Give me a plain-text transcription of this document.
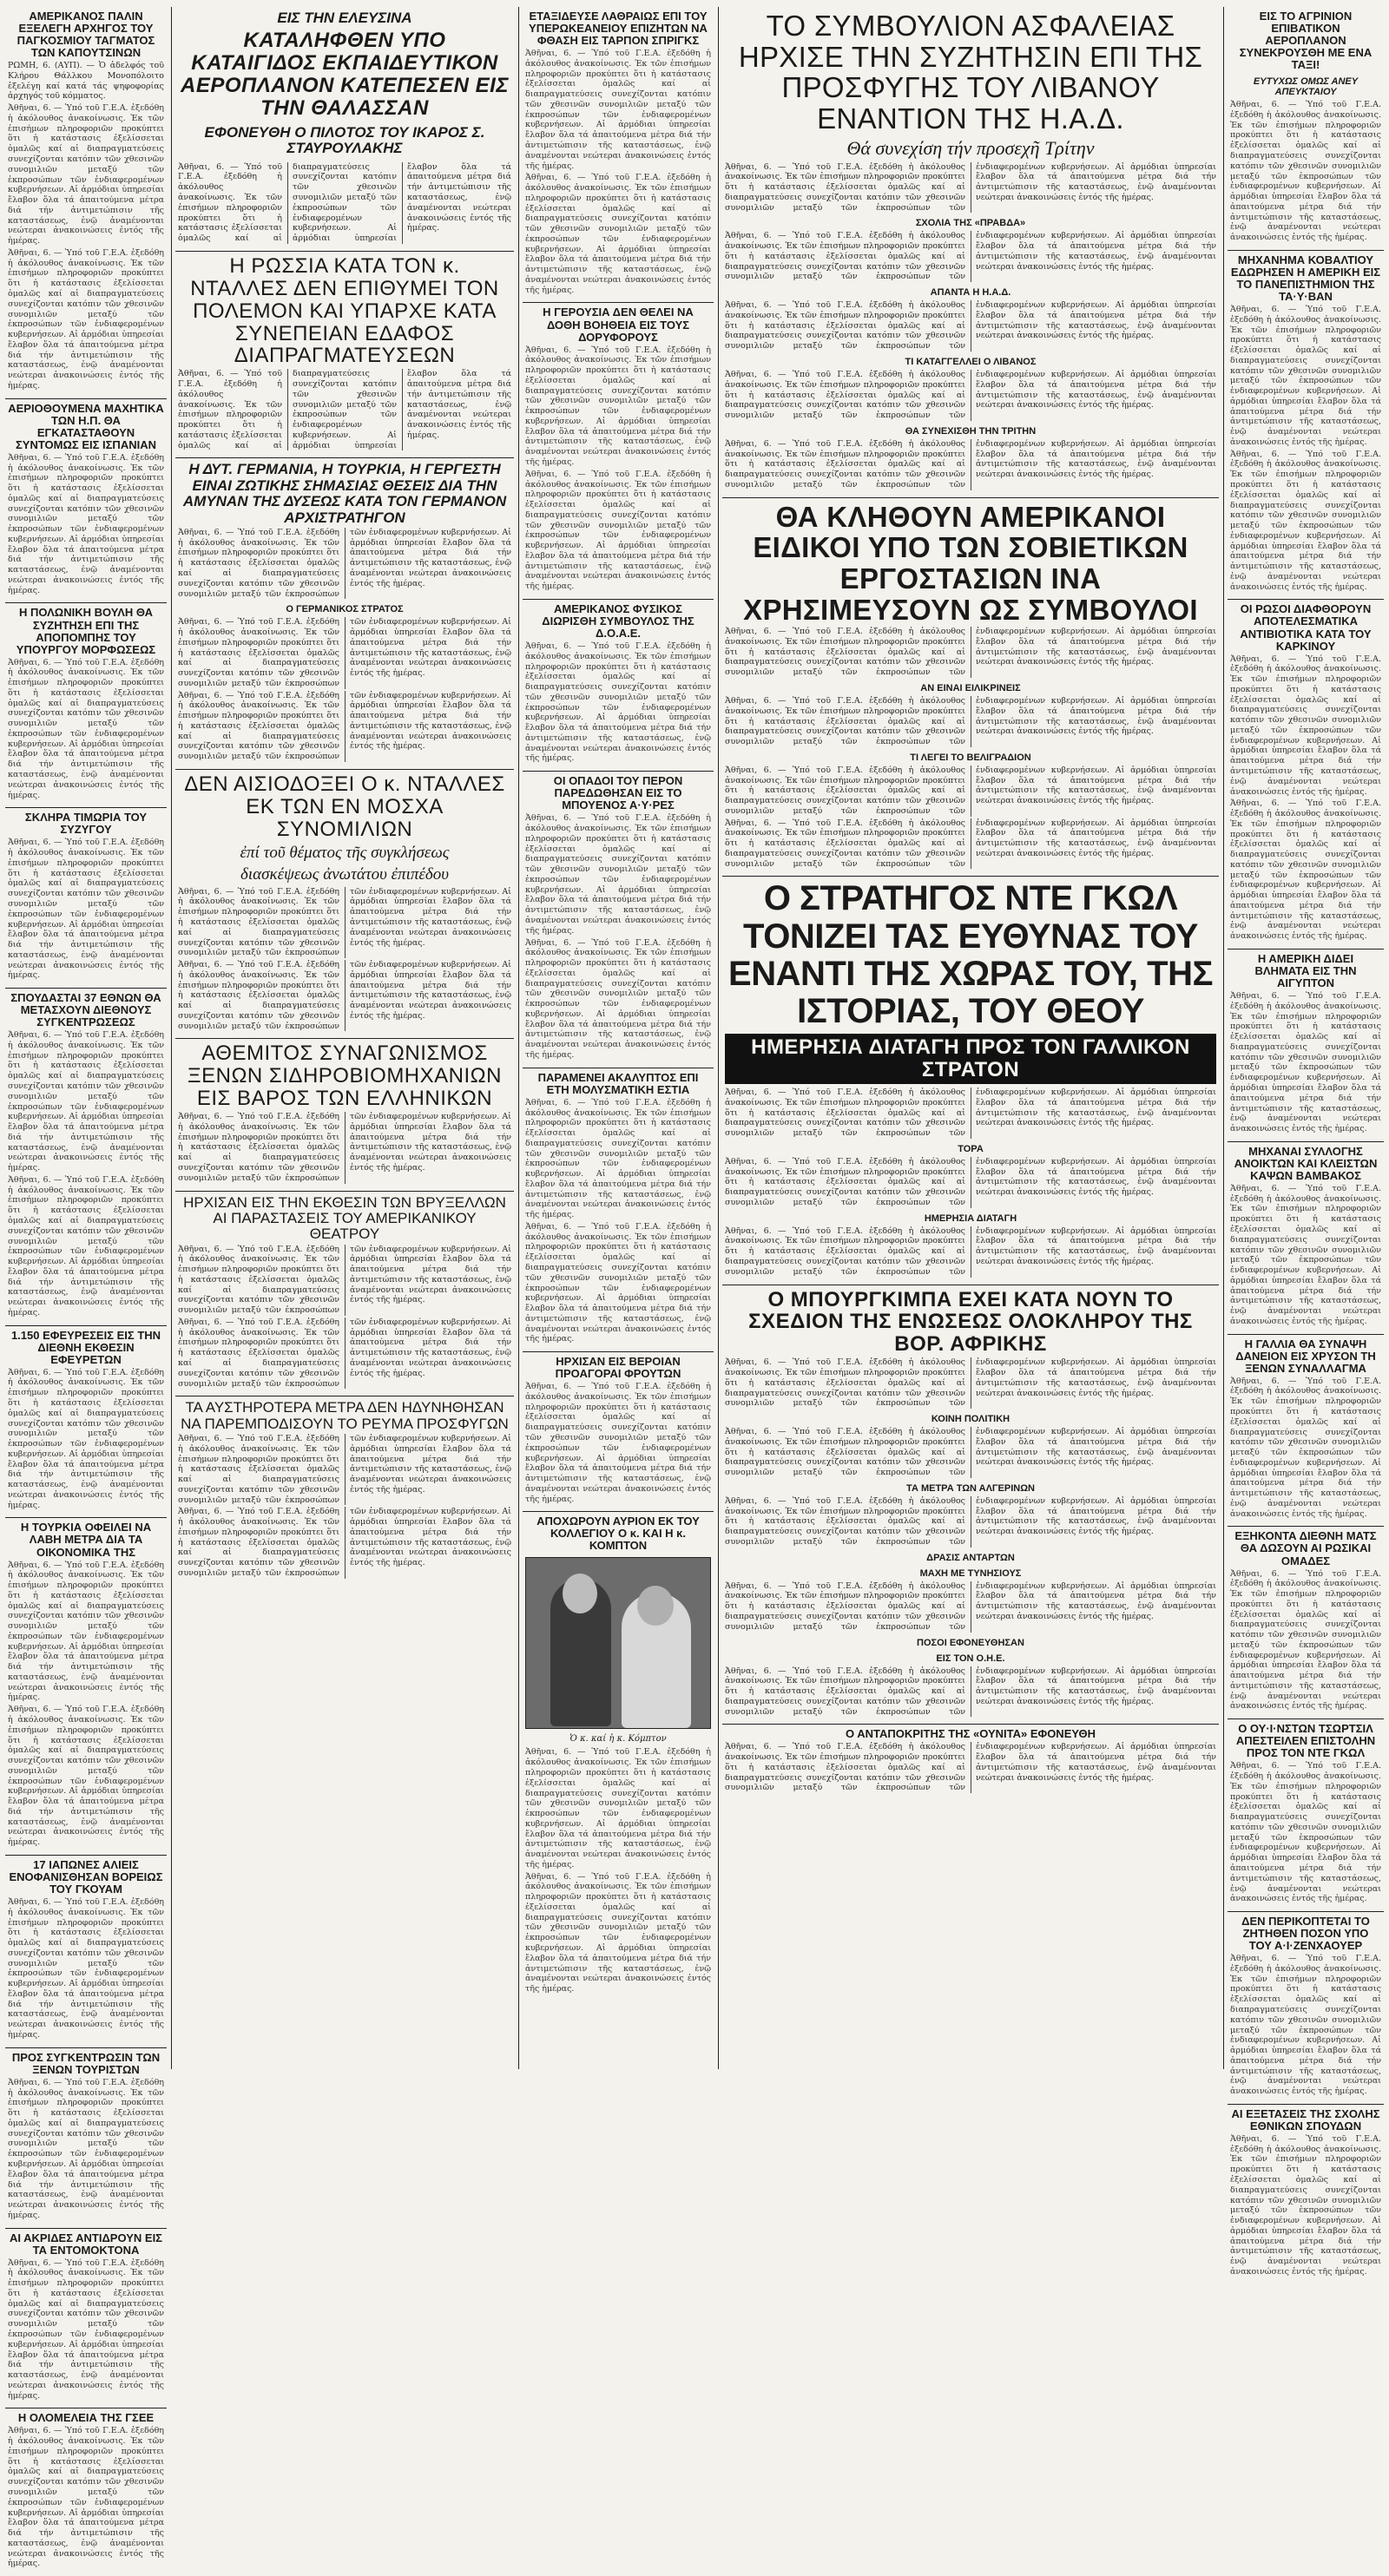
ΑΜΕΡΙΚΑΝΟΣ ΠΑΛΙΝ ΕΞΕΛΕΓΗ ΑΡΧΗΓΟΣ ΤΟΥ ΠΑΓΚΟΣΜΙΟΥ ΤΑΓΜΑΤΟΣ ΤΩΝ ΚΑΠΟΥΤΣΙΝΩΝ
ΡΩΜΗ, 6. (ΑΥΠ). — Ὁ ἀδελφός τοῦ Κλήρου Θάλλκου Μονοπόλοιτο ἐξελέγη καί κατά τάς ψηφοφορίας ἀρχηγός τοῦ κόμματος.
Ἀθῆναι, 6. — Ὑπό τοῦ Γ.Ε.Α. ἐξεδόθη ἡ ἀκόλουθος ἀνακοίνωσις. Ἐκ τῶν ἐπισήμων πληροφοριῶν προκύπτει ὅτι ἡ κατάστασις ἐξελίσσεται ὁμαλῶς καί αἱ διαπραγματεύσεις συνεχίζονται κατόπιν τῶν χθεσινῶν συνομιλιῶν μεταξύ τῶν ἐκπροσώπων τῶν ἐνδιαφερομένων κυβερνήσεων. Αἱ ἀρμόδιαι ὑπηρεσίαι ἔλαβον ὅλα τά ἀπαιτούμενα μέτρα διά τήν ἀντιμετώπισιν τῆς καταστάσεως, ἐνῷ ἀναμένονται νεώτεραι ἀνακοινώσεις ἐντός τῆς ἡμέρας.
Ἀθῆναι, 6. — Ὑπό τοῦ Γ.Ε.Α. ἐξεδόθη ἡ ἀκόλουθος ἀνακοίνωσις. Ἐκ τῶν ἐπισήμων πληροφοριῶν προκύπτει ὅτι ἡ κατάστασις ἐξελίσσεται ὁμαλῶς καί αἱ διαπραγματεύσεις συνεχίζονται κατόπιν τῶν χθεσινῶν συνομιλιῶν μεταξύ τῶν ἐκπροσώπων τῶν ἐνδιαφερομένων κυβερνήσεων. Αἱ ἀρμόδιαι ὑπηρεσίαι ἔλαβον ὅλα τά ἀπαιτούμενα μέτρα διά τήν ἀντιμετώπισιν τῆς καταστάσεως, ἐνῷ ἀναμένονται νεώτεραι ἀνακοινώσεις ἐντός τῆς ἡμέρας.
ΑΕΡΙΟΘΟΥΜΕΝΑ ΜΑΧΗΤΙΚΑ ΤΩΝ Η.Π. ΘΑ ΕΓΚΑΤΑΣΤΑΘΟΥΝ ΣΥΝΤΟΜΩΣ ΕΙΣ ΙΣΠΑΝΙΑΝ
Ἀθῆναι, 6. — Ὑπό τοῦ Γ.Ε.Α. ἐξεδόθη ἡ ἀκόλουθος ἀνακοίνωσις. Ἐκ τῶν ἐπισήμων πληροφοριῶν προκύπτει ὅτι ἡ κατάστασις ἐξελίσσεται ὁμαλῶς καί αἱ διαπραγματεύσεις συνεχίζονται κατόπιν τῶν χθεσινῶν συνομιλιῶν μεταξύ τῶν ἐκπροσώπων τῶν ἐνδιαφερομένων κυβερνήσεων. Αἱ ἀρμόδιαι ὑπηρεσίαι ἔλαβον ὅλα τά ἀπαιτούμενα μέτρα διά τήν ἀντιμετώπισιν τῆς καταστάσεως, ἐνῷ ἀναμένονται νεώτεραι ἀνακοινώσεις ἐντός τῆς ἡμέρας.
Η ΠΟΛΩΝΙΚΗ ΒΟΥΛΗ ΘΑ ΣΥΖΗΤΗΣΗ ΕΠΙ ΤΗΣ ΑΠΟΠΟΜΠΗΣ ΤΟΥ ΥΠΟΥΡΓΟΥ ΜΟΡΦΩΣΕΩΣ
Ἀθῆναι, 6. — Ὑπό τοῦ Γ.Ε.Α. ἐξεδόθη ἡ ἀκόλουθος ἀνακοίνωσις. Ἐκ τῶν ἐπισήμων πληροφοριῶν προκύπτει ὅτι ἡ κατάστασις ἐξελίσσεται ὁμαλῶς καί αἱ διαπραγματεύσεις συνεχίζονται κατόπιν τῶν χθεσινῶν συνομιλιῶν μεταξύ τῶν ἐκπροσώπων τῶν ἐνδιαφερομένων κυβερνήσεων. Αἱ ἀρμόδιαι ὑπηρεσίαι ἔλαβον ὅλα τά ἀπαιτούμενα μέτρα διά τήν ἀντιμετώπισιν τῆς καταστάσεως, ἐνῷ ἀναμένονται νεώτεραι ἀνακοινώσεις ἐντός τῆς ἡμέρας.
ΣΚΛΗΡΑ ΤΙΜΩΡΙΑ ΤΟΥ ΣΥΖΥΓΟΥ
Ἀθῆναι, 6. — Ὑπό τοῦ Γ.Ε.Α. ἐξεδόθη ἡ ἀκόλουθος ἀνακοίνωσις. Ἐκ τῶν ἐπισήμων πληροφοριῶν προκύπτει ὅτι ἡ κατάστασις ἐξελίσσεται ὁμαλῶς καί αἱ διαπραγματεύσεις συνεχίζονται κατόπιν τῶν χθεσινῶν συνομιλιῶν μεταξύ τῶν ἐκπροσώπων τῶν ἐνδιαφερομένων κυβερνήσεων. Αἱ ἀρμόδιαι ὑπηρεσίαι ἔλαβον ὅλα τά ἀπαιτούμενα μέτρα διά τήν ἀντιμετώπισιν τῆς καταστάσεως, ἐνῷ ἀναμένονται νεώτεραι ἀνακοινώσεις ἐντός τῆς ἡμέρας.
ΣΠΟΥΔΑΣΤΑΙ 37 ΕΘΝΩΝ ΘΑ ΜΕΤΑΣΧΟΥΝ ΔΙΕΘΝΟΥΣ ΣΥΓΚΕΝΤΡΩΣΕΩΣ
Ἀθῆναι, 6. — Ὑπό τοῦ Γ.Ε.Α. ἐξεδόθη ἡ ἀκόλουθος ἀνακοίνωσις. Ἐκ τῶν ἐπισήμων πληροφοριῶν προκύπτει ὅτι ἡ κατάστασις ἐξελίσσεται ὁμαλῶς καί αἱ διαπραγματεύσεις συνεχίζονται κατόπιν τῶν χθεσινῶν συνομιλιῶν μεταξύ τῶν ἐκπροσώπων τῶν ἐνδιαφερομένων κυβερνήσεων. Αἱ ἀρμόδιαι ὑπηρεσίαι ἔλαβον ὅλα τά ἀπαιτούμενα μέτρα διά τήν ἀντιμετώπισιν τῆς καταστάσεως, ἐνῷ ἀναμένονται νεώτεραι ἀνακοινώσεις ἐντός τῆς ἡμέρας.
Ἀθῆναι, 6. — Ὑπό τοῦ Γ.Ε.Α. ἐξεδόθη ἡ ἀκόλουθος ἀνακοίνωσις. Ἐκ τῶν ἐπισήμων πληροφοριῶν προκύπτει ὅτι ἡ κατάστασις ἐξελίσσεται ὁμαλῶς καί αἱ διαπραγματεύσεις συνεχίζονται κατόπιν τῶν χθεσινῶν συνομιλιῶν μεταξύ τῶν ἐκπροσώπων τῶν ἐνδιαφερομένων κυβερνήσεων. Αἱ ἀρμόδιαι ὑπηρεσίαι ἔλαβον ὅλα τά ἀπαιτούμενα μέτρα διά τήν ἀντιμετώπισιν τῆς καταστάσεως, ἐνῷ ἀναμένονται νεώτεραι ἀνακοινώσεις ἐντός τῆς ἡμέρας.
1.150 ΕΦΕΥΡΕΣΕΙΣ ΕΙΣ ΤΗΝ ΔΙΕΘΝΗ ΕΚΘΕΣΙΝ ΕΦΕΥΡΕΤΩΝ
Ἀθῆναι, 6. — Ὑπό τοῦ Γ.Ε.Α. ἐξεδόθη ἡ ἀκόλουθος ἀνακοίνωσις. Ἐκ τῶν ἐπισήμων πληροφοριῶν προκύπτει ὅτι ἡ κατάστασις ἐξελίσσεται ὁμαλῶς καί αἱ διαπραγματεύσεις συνεχίζονται κατόπιν τῶν χθεσινῶν συνομιλιῶν μεταξύ τῶν ἐκπροσώπων τῶν ἐνδιαφερομένων κυβερνήσεων. Αἱ ἀρμόδιαι ὑπηρεσίαι ἔλαβον ὅλα τά ἀπαιτούμενα μέτρα διά τήν ἀντιμετώπισιν τῆς καταστάσεως, ἐνῷ ἀναμένονται νεώτεραι ἀνακοινώσεις ἐντός τῆς ἡμέρας.
Η ΤΟΥΡΚΙΑ ΟΦΕΙΛΕΙ ΝΑ ΛΑΒΗ ΜΕΤΡΑ ΔΙΑ ΤΑ ΟΙΚΟΝΟΜΙΚΑ ΤΗΣ
Ἀθῆναι, 6. — Ὑπό τοῦ Γ.Ε.Α. ἐξεδόθη ἡ ἀκόλουθος ἀνακοίνωσις. Ἐκ τῶν ἐπισήμων πληροφοριῶν προκύπτει ὅτι ἡ κατάστασις ἐξελίσσεται ὁμαλῶς καί αἱ διαπραγματεύσεις συνεχίζονται κατόπιν τῶν χθεσινῶν συνομιλιῶν μεταξύ τῶν ἐκπροσώπων τῶν ἐνδιαφερομένων κυβερνήσεων. Αἱ ἀρμόδιαι ὑπηρεσίαι ἔλαβον ὅλα τά ἀπαιτούμενα μέτρα διά τήν ἀντιμετώπισιν τῆς καταστάσεως, ἐνῷ ἀναμένονται νεώτεραι ἀνακοινώσεις ἐντός τῆς ἡμέρας.
Ἀθῆναι, 6. — Ὑπό τοῦ Γ.Ε.Α. ἐξεδόθη ἡ ἀκόλουθος ἀνακοίνωσις. Ἐκ τῶν ἐπισήμων πληροφοριῶν προκύπτει ὅτι ἡ κατάστασις ἐξελίσσεται ὁμαλῶς καί αἱ διαπραγματεύσεις συνεχίζονται κατόπιν τῶν χθεσινῶν συνομιλιῶν μεταξύ τῶν ἐκπροσώπων τῶν ἐνδιαφερομένων κυβερνήσεων. Αἱ ἀρμόδιαι ὑπηρεσίαι ἔλαβον ὅλα τά ἀπαιτούμενα μέτρα διά τήν ἀντιμετώπισιν τῆς καταστάσεως, ἐνῷ ἀναμένονται νεώτεραι ἀνακοινώσεις ἐντός τῆς ἡμέρας.
17 ΙΑΠΩΝΕΣ ΑΛΙΕΙΣ ΕΝΟΦΑΝΙΣΘΗΣΑΝ ΒΟΡΕΙΩΣ ΤΟΥ ΓΚΟΥΑΜ
Ἀθῆναι, 6. — Ὑπό τοῦ Γ.Ε.Α. ἐξεδόθη ἡ ἀκόλουθος ἀνακοίνωσις. Ἐκ τῶν ἐπισήμων πληροφοριῶν προκύπτει ὅτι ἡ κατάστασις ἐξελίσσεται ὁμαλῶς καί αἱ διαπραγματεύσεις συνεχίζονται κατόπιν τῶν χθεσινῶν συνομιλιῶν μεταξύ τῶν ἐκπροσώπων τῶν ἐνδιαφερομένων κυβερνήσεων. Αἱ ἀρμόδιαι ὑπηρεσίαι ἔλαβον ὅλα τά ἀπαιτούμενα μέτρα διά τήν ἀντιμετώπισιν τῆς καταστάσεως, ἐνῷ ἀναμένονται νεώτεραι ἀνακοινώσεις ἐντός τῆς ἡμέρας.
ΠΡΟΣ ΣΥΓΚΕΝΤΡΩΣΙΝ ΤΩΝ ΞΕΝΩΝ ΤΟΥΡΙΣΤΩΝ
Ἀθῆναι, 6. — Ὑπό τοῦ Γ.Ε.Α. ἐξεδόθη ἡ ἀκόλουθος ἀνακοίνωσις. Ἐκ τῶν ἐπισήμων πληροφοριῶν προκύπτει ὅτι ἡ κατάστασις ἐξελίσσεται ὁμαλῶς καί αἱ διαπραγματεύσεις συνεχίζονται κατόπιν τῶν χθεσινῶν συνομιλιῶν μεταξύ τῶν ἐκπροσώπων τῶν ἐνδιαφερομένων κυβερνήσεων. Αἱ ἀρμόδιαι ὑπηρεσίαι ἔλαβον ὅλα τά ἀπαιτούμενα μέτρα διά τήν ἀντιμετώπισιν τῆς καταστάσεως, ἐνῷ ἀναμένονται νεώτεραι ἀνακοινώσεις ἐντός τῆς ἡμέρας.
ΑΙ ΑΚΡΙΔΕΣ ΑΝΤΙΔΡΟΥΝ ΕΙΣ ΤΑ ΕΝΤΟΜΟΚΤΟΝΑ
Ἀθῆναι, 6. — Ὑπό τοῦ Γ.Ε.Α. ἐξεδόθη ἡ ἀκόλουθος ἀνακοίνωσις. Ἐκ τῶν ἐπισήμων πληροφοριῶν προκύπτει ὅτι ἡ κατάστασις ἐξελίσσεται ὁμαλῶς καί αἱ διαπραγματεύσεις συνεχίζονται κατόπιν τῶν χθεσινῶν συνομιλιῶν μεταξύ τῶν ἐκπροσώπων τῶν ἐνδιαφερομένων κυβερνήσεων. Αἱ ἀρμόδιαι ὑπηρεσίαι ἔλαβον ὅλα τά ἀπαιτούμενα μέτρα διά τήν ἀντιμετώπισιν τῆς καταστάσεως, ἐνῷ ἀναμένονται νεώτεραι ἀνακοινώσεις ἐντός τῆς ἡμέρας.
Η ΟΛΟΜΕΛΕΙΑ ΤΗΣ ΓΣΕΕ
Ἀθῆναι, 6. — Ὑπό τοῦ Γ.Ε.Α. ἐξεδόθη ἡ ἀκόλουθος ἀνακοίνωσις. Ἐκ τῶν ἐπισήμων πληροφοριῶν προκύπτει ὅτι ἡ κατάστασις ἐξελίσσεται ὁμαλῶς καί αἱ διαπραγματεύσεις συνεχίζονται κατόπιν τῶν χθεσινῶν συνομιλιῶν μεταξύ τῶν ἐκπροσώπων τῶν ἐνδιαφερομένων κυβερνήσεων. Αἱ ἀρμόδιαι ὑπηρεσίαι ἔλαβον ὅλα τά ἀπαιτούμενα μέτρα διά τήν ἀντιμετώπισιν τῆς καταστάσεως, ἐνῷ ἀναμένονται νεώτεραι ἀνακοινώσεις ἐντός τῆς ἡμέρας.
ΕΙΣ ΤΗΝ ΕΛΕΥΣΙΝΑ
ΚΑΤΑΛΗΦΘΕΝ ΥΠΟ ΚΑΤΑΙΓΙΔΟΣ ΕΚΠΑΙΔΕΥΤΙΚΟΝ ΑΕΡΟΠΛΑΝΟΝ ΚΑΤΕΠΕΣΕΝ ΕΙΣ ΤΗΝ ΘΑΛΑΣΣΑΝ
ΕΦΟΝΕΥΘΗ Ο ΠΙΛΟΤΟΣ ΤΟΥ ΙΚΑΡΟΣ Σ. ΣΤΑΥΡΟΥΛΑΚΗΣ
Ἀθῆναι, 6. — Ὑπό τοῦ Γ.Ε.Α. ἐξεδόθη ἡ ἀκόλουθος ἀνακοίνωσις. Ἐκ τῶν ἐπισήμων πληροφοριῶν προκύπτει ὅτι ἡ κατάστασις ἐξελίσσεται ὁμαλῶς καί αἱ διαπραγματεύσεις συνεχίζονται κατόπιν τῶν χθεσινῶν συνομιλιῶν μεταξύ τῶν ἐκπροσώπων τῶν ἐνδιαφερομένων κυβερνήσεων. Αἱ ἀρμόδιαι ὑπηρεσίαι ἔλαβον ὅλα τά ἀπαιτούμενα μέτρα διά τήν ἀντιμετώπισιν τῆς καταστάσεως, ἐνῷ ἀναμένονται νεώτεραι ἀνακοινώσεις ἐντός τῆς ἡμέρας.
Η ΡΩΣΣΙΑ ΚΑΤΑ ΤΟΝ κ. ΝΤΑΛΛΕΣ ΔΕΝ ΕΠΙΘΥΜΕΙ ΤΟΝ ΠΟΛΕΜΟΝ ΚΑΙ ΥΠΑΡΧΕ ΚΑΤΑ ΣΥΝΕΠΕΙΑΝ ΕΔΑΦΟΣ ΔΙΑΠΡΑΓΜΑΤΕΥΣΕΩΝ
Ἀθῆναι, 6. — Ὑπό τοῦ Γ.Ε.Α. ἐξεδόθη ἡ ἀκόλουθος ἀνακοίνωσις. Ἐκ τῶν ἐπισήμων πληροφοριῶν προκύπτει ὅτι ἡ κατάστασις ἐξελίσσεται ὁμαλῶς καί αἱ διαπραγματεύσεις συνεχίζονται κατόπιν τῶν χθεσινῶν συνομιλιῶν μεταξύ τῶν ἐκπροσώπων τῶν ἐνδιαφερομένων κυβερνήσεων. Αἱ ἀρμόδιαι ὑπηρεσίαι ἔλαβον ὅλα τά ἀπαιτούμενα μέτρα διά τήν ἀντιμετώπισιν τῆς καταστάσεως, ἐνῷ ἀναμένονται νεώτεραι ἀνακοινώσεις ἐντός τῆς ἡμέρας.
Η ΔΥΤ. ΓΕΡΜΑΝΙΑ, Η ΤΟΥΡΚΙΑ, Η ΓΕΡΓΕΣΤΗ ΕΙΝΑΙ ΖΩΤΙΚΗΣ ΣΗΜΑΣΙΑΣ ΘΕΣΕΙΣ ΔΙΑ ΤΗΝ ΑΜΥΝΑΝ ΤΗΣ ΔΥΣΕΩΣ ΚΑΤΑ ΤΟΝ ΓΕΡΜΑΝΟΝ ΑΡΧΙΣΤΡΑΤΗΓΟΝ
Ἀθῆναι, 6. — Ὑπό τοῦ Γ.Ε.Α. ἐξεδόθη ἡ ἀκόλουθος ἀνακοίνωσις. Ἐκ τῶν ἐπισήμων πληροφοριῶν προκύπτει ὅτι ἡ κατάστασις ἐξελίσσεται ὁμαλῶς καί αἱ διαπραγματεύσεις συνεχίζονται κατόπιν τῶν χθεσινῶν συνομιλιῶν μεταξύ τῶν ἐκπροσώπων τῶν ἐνδιαφερομένων κυβερνήσεων. Αἱ ἀρμόδιαι ὑπηρεσίαι ἔλαβον ὅλα τά ἀπαιτούμενα μέτρα διά τήν ἀντιμετώπισιν τῆς καταστάσεως, ἐνῷ ἀναμένονται νεώτεραι ἀνακοινώσεις ἐντός τῆς ἡμέρας.
Ο ΓΕΡΜΑΝΙΚΟΣ ΣΤΡΑΤΟΣ
Ἀθῆναι, 6. — Ὑπό τοῦ Γ.Ε.Α. ἐξεδόθη ἡ ἀκόλουθος ἀνακοίνωσις. Ἐκ τῶν ἐπισήμων πληροφοριῶν προκύπτει ὅτι ἡ κατάστασις ἐξελίσσεται ὁμαλῶς καί αἱ διαπραγματεύσεις συνεχίζονται κατόπιν τῶν χθεσινῶν συνομιλιῶν μεταξύ τῶν ἐκπροσώπων τῶν ἐνδιαφερομένων κυβερνήσεων. Αἱ ἀρμόδιαι ὑπηρεσίαι ἔλαβον ὅλα τά ἀπαιτούμενα μέτρα διά τήν ἀντιμετώπισιν τῆς καταστάσεως, ἐνῷ ἀναμένονται νεώτεραι ἀνακοινώσεις ἐντός τῆς ἡμέρας.
Ἀθῆναι, 6. — Ὑπό τοῦ Γ.Ε.Α. ἐξεδόθη ἡ ἀκόλουθος ἀνακοίνωσις. Ἐκ τῶν ἐπισήμων πληροφοριῶν προκύπτει ὅτι ἡ κατάστασις ἐξελίσσεται ὁμαλῶς καί αἱ διαπραγματεύσεις συνεχίζονται κατόπιν τῶν χθεσινῶν συνομιλιῶν μεταξύ τῶν ἐκπροσώπων τῶν ἐνδιαφερομένων κυβερνήσεων. Αἱ ἀρμόδιαι ὑπηρεσίαι ἔλαβον ὅλα τά ἀπαιτούμενα μέτρα διά τήν ἀντιμετώπισιν τῆς καταστάσεως, ἐνῷ ἀναμένονται νεώτεραι ἀνακοινώσεις ἐντός τῆς ἡμέρας.
ΔΕΝ ΑΙΣΙΟΔΟΞΕΙ Ο κ. ΝΤΑΛΛΕΣ ΕΚ ΤΩΝ ΕΝ ΜΟΣΧΑ ΣΥΝΟΜΙΛΙΩΝ
ἐπί τοῦ θέματος τῆς συγκλήσεως
διασκέψεως ἀνωτάτου ἐπιπέδου
Ἀθῆναι, 6. — Ὑπό τοῦ Γ.Ε.Α. ἐξεδόθη ἡ ἀκόλουθος ἀνακοίνωσις. Ἐκ τῶν ἐπισήμων πληροφοριῶν προκύπτει ὅτι ἡ κατάστασις ἐξελίσσεται ὁμαλῶς καί αἱ διαπραγματεύσεις συνεχίζονται κατόπιν τῶν χθεσινῶν συνομιλιῶν μεταξύ τῶν ἐκπροσώπων τῶν ἐνδιαφερομένων κυβερνήσεων. Αἱ ἀρμόδιαι ὑπηρεσίαι ἔλαβον ὅλα τά ἀπαιτούμενα μέτρα διά τήν ἀντιμετώπισιν τῆς καταστάσεως, ἐνῷ ἀναμένονται νεώτεραι ἀνακοινώσεις ἐντός τῆς ἡμέρας.
Ἀθῆναι, 6. — Ὑπό τοῦ Γ.Ε.Α. ἐξεδόθη ἡ ἀκόλουθος ἀνακοίνωσις. Ἐκ τῶν ἐπισήμων πληροφοριῶν προκύπτει ὅτι ἡ κατάστασις ἐξελίσσεται ὁμαλῶς καί αἱ διαπραγματεύσεις συνεχίζονται κατόπιν τῶν χθεσινῶν συνομιλιῶν μεταξύ τῶν ἐκπροσώπων τῶν ἐνδιαφερομένων κυβερνήσεων. Αἱ ἀρμόδιαι ὑπηρεσίαι ἔλαβον ὅλα τά ἀπαιτούμενα μέτρα διά τήν ἀντιμετώπισιν τῆς καταστάσεως, ἐνῷ ἀναμένονται νεώτεραι ἀνακοινώσεις ἐντός τῆς ἡμέρας.
ΑΘΕΜΙΤΟΣ ΣΥΝΑΓΩΝΙΣΜΟΣ ΞΕΝΩΝ ΣΙΔΗΡΟΒΙΟΜΗΧΑΝΙΩΝ ΕΙΣ ΒΑΡΟΣ ΤΩΝ ΕΛΛΗΝΙΚΩΝ
Ἀθῆναι, 6. — Ὑπό τοῦ Γ.Ε.Α. ἐξεδόθη ἡ ἀκόλουθος ἀνακοίνωσις. Ἐκ τῶν ἐπισήμων πληροφοριῶν προκύπτει ὅτι ἡ κατάστασις ἐξελίσσεται ὁμαλῶς καί αἱ διαπραγματεύσεις συνεχίζονται κατόπιν τῶν χθεσινῶν συνομιλιῶν μεταξύ τῶν ἐκπροσώπων τῶν ἐνδιαφερομένων κυβερνήσεων. Αἱ ἀρμόδιαι ὑπηρεσίαι ἔλαβον ὅλα τά ἀπαιτούμενα μέτρα διά τήν ἀντιμετώπισιν τῆς καταστάσεως, ἐνῷ ἀναμένονται νεώτεραι ἀνακοινώσεις ἐντός τῆς ἡμέρας.
ΗΡΧΙΣΑΝ ΕΙΣ ΤΗΝ ΕΚΘΕΣΙΝ ΤΩΝ ΒΡΥΞΕΛΛΩΝ ΑΙ ΠΑΡΑΣΤΑΣΕΙΣ ΤΟΥ ΑΜΕΡΙΚΑΝΙΚΟΥ ΘΕΑΤΡΟΥ
Ἀθῆναι, 6. — Ὑπό τοῦ Γ.Ε.Α. ἐξεδόθη ἡ ἀκόλουθος ἀνακοίνωσις. Ἐκ τῶν ἐπισήμων πληροφοριῶν προκύπτει ὅτι ἡ κατάστασις ἐξελίσσεται ὁμαλῶς καί αἱ διαπραγματεύσεις συνεχίζονται κατόπιν τῶν χθεσινῶν συνομιλιῶν μεταξύ τῶν ἐκπροσώπων τῶν ἐνδιαφερομένων κυβερνήσεων. Αἱ ἀρμόδιαι ὑπηρεσίαι ἔλαβον ὅλα τά ἀπαιτούμενα μέτρα διά τήν ἀντιμετώπισιν τῆς καταστάσεως, ἐνῷ ἀναμένονται νεώτεραι ἀνακοινώσεις ἐντός τῆς ἡμέρας.
Ἀθῆναι, 6. — Ὑπό τοῦ Γ.Ε.Α. ἐξεδόθη ἡ ἀκόλουθος ἀνακοίνωσις. Ἐκ τῶν ἐπισήμων πληροφοριῶν προκύπτει ὅτι ἡ κατάστασις ἐξελίσσεται ὁμαλῶς καί αἱ διαπραγματεύσεις συνεχίζονται κατόπιν τῶν χθεσινῶν συνομιλιῶν μεταξύ τῶν ἐκπροσώπων τῶν ἐνδιαφερομένων κυβερνήσεων. Αἱ ἀρμόδιαι ὑπηρεσίαι ἔλαβον ὅλα τά ἀπαιτούμενα μέτρα διά τήν ἀντιμετώπισιν τῆς καταστάσεως, ἐνῷ ἀναμένονται νεώτεραι ἀνακοινώσεις ἐντός τῆς ἡμέρας.
ΤΑ ΑΥΣΤΗΡΟΤΕΡΑ ΜΕΤΡΑ ΔΕΝ ΗΔΥΝΗΘΗΣΑΝ ΝΑ ΠΑΡΕΜΠΟΔΙΣΟΥΝ ΤΟ ΡΕΥΜΑ ΠΡΟΣΦΥΓΩΝ
Ἀθῆναι, 6. — Ὑπό τοῦ Γ.Ε.Α. ἐξεδόθη ἡ ἀκόλουθος ἀνακοίνωσις. Ἐκ τῶν ἐπισήμων πληροφοριῶν προκύπτει ὅτι ἡ κατάστασις ἐξελίσσεται ὁμαλῶς καί αἱ διαπραγματεύσεις συνεχίζονται κατόπιν τῶν χθεσινῶν συνομιλιῶν μεταξύ τῶν ἐκπροσώπων τῶν ἐνδιαφερομένων κυβερνήσεων. Αἱ ἀρμόδιαι ὑπηρεσίαι ἔλαβον ὅλα τά ἀπαιτούμενα μέτρα διά τήν ἀντιμετώπισιν τῆς καταστάσεως, ἐνῷ ἀναμένονται νεώτεραι ἀνακοινώσεις ἐντός τῆς ἡμέρας.
Ἀθῆναι, 6. — Ὑπό τοῦ Γ.Ε.Α. ἐξεδόθη ἡ ἀκόλουθος ἀνακοίνωσις. Ἐκ τῶν ἐπισήμων πληροφοριῶν προκύπτει ὅτι ἡ κατάστασις ἐξελίσσεται ὁμαλῶς καί αἱ διαπραγματεύσεις συνεχίζονται κατόπιν τῶν χθεσινῶν συνομιλιῶν μεταξύ τῶν ἐκπροσώπων τῶν ἐνδιαφερομένων κυβερνήσεων. Αἱ ἀρμόδιαι ὑπηρεσίαι ἔλαβον ὅλα τά ἀπαιτούμενα μέτρα διά τήν ἀντιμετώπισιν τῆς καταστάσεως, ἐνῷ ἀναμένονται νεώτεραι ἀνακοινώσεις ἐντός τῆς ἡμέρας.
ΕΤΑΞΙΔΕΥΣΕ ΛΑΘΡΑΙΩΣ ΕΠΙ ΤΟΥ ΥΠΕΡΩΚΕΑΝΕΙΟΥ ΕΠΙΖΗΤΩΝ ΝΑ ΦΘΑΣΗ ΕΙΣ ΤΑΡΠΟΝ ΣΠΡΙΓΚΣ
Ἀθῆναι, 6. — Ὑπό τοῦ Γ.Ε.Α. ἐξεδόθη ἡ ἀκόλουθος ἀνακοίνωσις. Ἐκ τῶν ἐπισήμων πληροφοριῶν προκύπτει ὅτι ἡ κατάστασις ἐξελίσσεται ὁμαλῶς καί αἱ διαπραγματεύσεις συνεχίζονται κατόπιν τῶν χθεσινῶν συνομιλιῶν μεταξύ τῶν ἐκπροσώπων τῶν ἐνδιαφερομένων κυβερνήσεων. Αἱ ἀρμόδιαι ὑπηρεσίαι ἔλαβον ὅλα τά ἀπαιτούμενα μέτρα διά τήν ἀντιμετώπισιν τῆς καταστάσεως, ἐνῷ ἀναμένονται νεώτεραι ἀνακοινώσεις ἐντός τῆς ἡμέρας.
Ἀθῆναι, 6. — Ὑπό τοῦ Γ.Ε.Α. ἐξεδόθη ἡ ἀκόλουθος ἀνακοίνωσις. Ἐκ τῶν ἐπισήμων πληροφοριῶν προκύπτει ὅτι ἡ κατάστασις ἐξελίσσεται ὁμαλῶς καί αἱ διαπραγματεύσεις συνεχίζονται κατόπιν τῶν χθεσινῶν συνομιλιῶν μεταξύ τῶν ἐκπροσώπων τῶν ἐνδιαφερομένων κυβερνήσεων. Αἱ ἀρμόδιαι ὑπηρεσίαι ἔλαβον ὅλα τά ἀπαιτούμενα μέτρα διά τήν ἀντιμετώπισιν τῆς καταστάσεως, ἐνῷ ἀναμένονται νεώτεραι ἀνακοινώσεις ἐντός τῆς ἡμέρας.
Η ΓΕΡΟΥΣΙΑ ΔΕΝ ΘΕΛΕΙ ΝΑ ΔΟΘΗ ΒΟΗΘΕΙΑ ΕΙΣ ΤΟΥΣ ΔΟΡΥΦΟΡΟΥΣ
Ἀθῆναι, 6. — Ὑπό τοῦ Γ.Ε.Α. ἐξεδόθη ἡ ἀκόλουθος ἀνακοίνωσις. Ἐκ τῶν ἐπισήμων πληροφοριῶν προκύπτει ὅτι ἡ κατάστασις ἐξελίσσεται ὁμαλῶς καί αἱ διαπραγματεύσεις συνεχίζονται κατόπιν τῶν χθεσινῶν συνομιλιῶν μεταξύ τῶν ἐκπροσώπων τῶν ἐνδιαφερομένων κυβερνήσεων. Αἱ ἀρμόδιαι ὑπηρεσίαι ἔλαβον ὅλα τά ἀπαιτούμενα μέτρα διά τήν ἀντιμετώπισιν τῆς καταστάσεως, ἐνῷ ἀναμένονται νεώτεραι ἀνακοινώσεις ἐντός τῆς ἡμέρας.
Ἀθῆναι, 6. — Ὑπό τοῦ Γ.Ε.Α. ἐξεδόθη ἡ ἀκόλουθος ἀνακοίνωσις. Ἐκ τῶν ἐπισήμων πληροφοριῶν προκύπτει ὅτι ἡ κατάστασις ἐξελίσσεται ὁμαλῶς καί αἱ διαπραγματεύσεις συνεχίζονται κατόπιν τῶν χθεσινῶν συνομιλιῶν μεταξύ τῶν ἐκπροσώπων τῶν ἐνδιαφερομένων κυβερνήσεων. Αἱ ἀρμόδιαι ὑπηρεσίαι ἔλαβον ὅλα τά ἀπαιτούμενα μέτρα διά τήν ἀντιμετώπισιν τῆς καταστάσεως, ἐνῷ ἀναμένονται νεώτεραι ἀνακοινώσεις ἐντός τῆς ἡμέρας.
ΑΜΕΡΙΚΑΝΟΣ ΦΥΣΙΚΟΣ ΔΙΩΡΙΣΘΗ ΣΥΜΒΟΥΛΟΣ ΤΗΣ Δ.Ο.Α.Ε.
Ἀθῆναι, 6. — Ὑπό τοῦ Γ.Ε.Α. ἐξεδόθη ἡ ἀκόλουθος ἀνακοίνωσις. Ἐκ τῶν ἐπισήμων πληροφοριῶν προκύπτει ὅτι ἡ κατάστασις ἐξελίσσεται ὁμαλῶς καί αἱ διαπραγματεύσεις συνεχίζονται κατόπιν τῶν χθεσινῶν συνομιλιῶν μεταξύ τῶν ἐκπροσώπων τῶν ἐνδιαφερομένων κυβερνήσεων. Αἱ ἀρμόδιαι ὑπηρεσίαι ἔλαβον ὅλα τά ἀπαιτούμενα μέτρα διά τήν ἀντιμετώπισιν τῆς καταστάσεως, ἐνῷ ἀναμένονται νεώτεραι ἀνακοινώσεις ἐντός τῆς ἡμέρας.
ΟΙ ΟΠΑΔΟΙ ΤΟΥ ΠΕΡΟΝ ΠΑΡΕΔΩΘΗΣΑΝ ΕΙΣ ΤΟ ΜΠΟΥΕΝΟΣ Α·Υ·ΡΕΣ
Ἀθῆναι, 6. — Ὑπό τοῦ Γ.Ε.Α. ἐξεδόθη ἡ ἀκόλουθος ἀνακοίνωσις. Ἐκ τῶν ἐπισήμων πληροφοριῶν προκύπτει ὅτι ἡ κατάστασις ἐξελίσσεται ὁμαλῶς καί αἱ διαπραγματεύσεις συνεχίζονται κατόπιν τῶν χθεσινῶν συνομιλιῶν μεταξύ τῶν ἐκπροσώπων τῶν ἐνδιαφερομένων κυβερνήσεων. Αἱ ἀρμόδιαι ὑπηρεσίαι ἔλαβον ὅλα τά ἀπαιτούμενα μέτρα διά τήν ἀντιμετώπισιν τῆς καταστάσεως, ἐνῷ ἀναμένονται νεώτεραι ἀνακοινώσεις ἐντός τῆς ἡμέρας.
Ἀθῆναι, 6. — Ὑπό τοῦ Γ.Ε.Α. ἐξεδόθη ἡ ἀκόλουθος ἀνακοίνωσις. Ἐκ τῶν ἐπισήμων πληροφοριῶν προκύπτει ὅτι ἡ κατάστασις ἐξελίσσεται ὁμαλῶς καί αἱ διαπραγματεύσεις συνεχίζονται κατόπιν τῶν χθεσινῶν συνομιλιῶν μεταξύ τῶν ἐκπροσώπων τῶν ἐνδιαφερομένων κυβερνήσεων. Αἱ ἀρμόδιαι ὑπηρεσίαι ἔλαβον ὅλα τά ἀπαιτούμενα μέτρα διά τήν ἀντιμετώπισιν τῆς καταστάσεως, ἐνῷ ἀναμένονται νεώτεραι ἀνακοινώσεις ἐντός τῆς ἡμέρας.
ΠΑΡΑΜΕΝΕΙ ΑΚΑΛΥΠΤΟΣ ΕΠΙ ΕΤΗ ΜΟΛΥΣΜΑΤΙΚΗ ΕΣΤΙΑ
Ἀθῆναι, 6. — Ὑπό τοῦ Γ.Ε.Α. ἐξεδόθη ἡ ἀκόλουθος ἀνακοίνωσις. Ἐκ τῶν ἐπισήμων πληροφοριῶν προκύπτει ὅτι ἡ κατάστασις ἐξελίσσεται ὁμαλῶς καί αἱ διαπραγματεύσεις συνεχίζονται κατόπιν τῶν χθεσινῶν συνομιλιῶν μεταξύ τῶν ἐκπροσώπων τῶν ἐνδιαφερομένων κυβερνήσεων. Αἱ ἀρμόδιαι ὑπηρεσίαι ἔλαβον ὅλα τά ἀπαιτούμενα μέτρα διά τήν ἀντιμετώπισιν τῆς καταστάσεως, ἐνῷ ἀναμένονται νεώτεραι ἀνακοινώσεις ἐντός τῆς ἡμέρας.
Ἀθῆναι, 6. — Ὑπό τοῦ Γ.Ε.Α. ἐξεδόθη ἡ ἀκόλουθος ἀνακοίνωσις. Ἐκ τῶν ἐπισήμων πληροφοριῶν προκύπτει ὅτι ἡ κατάστασις ἐξελίσσεται ὁμαλῶς καί αἱ διαπραγματεύσεις συνεχίζονται κατόπιν τῶν χθεσινῶν συνομιλιῶν μεταξύ τῶν ἐκπροσώπων τῶν ἐνδιαφερομένων κυβερνήσεων. Αἱ ἀρμόδιαι ὑπηρεσίαι ἔλαβον ὅλα τά ἀπαιτούμενα μέτρα διά τήν ἀντιμετώπισιν τῆς καταστάσεως, ἐνῷ ἀναμένονται νεώτεραι ἀνακοινώσεις ἐντός τῆς ἡμέρας.
ΗΡΧΙΣΑΝ ΕΙΣ ΒΕΡΟΙΑΝ ΠΡΟΑΓΟΡΑΙ ΦΡΟΥΤΩΝ
Ἀθῆναι, 6. — Ὑπό τοῦ Γ.Ε.Α. ἐξεδόθη ἡ ἀκόλουθος ἀνακοίνωσις. Ἐκ τῶν ἐπισήμων πληροφοριῶν προκύπτει ὅτι ἡ κατάστασις ἐξελίσσεται ὁμαλῶς καί αἱ διαπραγματεύσεις συνεχίζονται κατόπιν τῶν χθεσινῶν συνομιλιῶν μεταξύ τῶν ἐκπροσώπων τῶν ἐνδιαφερομένων κυβερνήσεων. Αἱ ἀρμόδιαι ὑπηρεσίαι ἔλαβον ὅλα τά ἀπαιτούμενα μέτρα διά τήν ἀντιμετώπισιν τῆς καταστάσεως, ἐνῷ ἀναμένονται νεώτεραι ἀνακοινώσεις ἐντός τῆς ἡμέρας.
ΑΠΟΧΩΡΟΥΝ ΑΥΡΙΟΝ ΕΚ ΤΟΥ ΚΟΛΛΕΓΙΟΥ Ο κ. ΚΑΙ Η κ. ΚΟΜΠΤΟΝ
Ὁ κ. καί ἡ κ. Κόμπτον
Ἀθῆναι, 6. — Ὑπό τοῦ Γ.Ε.Α. ἐξεδόθη ἡ ἀκόλουθος ἀνακοίνωσις. Ἐκ τῶν ἐπισήμων πληροφοριῶν προκύπτει ὅτι ἡ κατάστασις ἐξελίσσεται ὁμαλῶς καί αἱ διαπραγματεύσεις συνεχίζονται κατόπιν τῶν χθεσινῶν συνομιλιῶν μεταξύ τῶν ἐκπροσώπων τῶν ἐνδιαφερομένων κυβερνήσεων. Αἱ ἀρμόδιαι ὑπηρεσίαι ἔλαβον ὅλα τά ἀπαιτούμενα μέτρα διά τήν ἀντιμετώπισιν τῆς καταστάσεως, ἐνῷ ἀναμένονται νεώτεραι ἀνακοινώσεις ἐντός τῆς ἡμέρας.
Ἀθῆναι, 6. — Ὑπό τοῦ Γ.Ε.Α. ἐξεδόθη ἡ ἀκόλουθος ἀνακοίνωσις. Ἐκ τῶν ἐπισήμων πληροφοριῶν προκύπτει ὅτι ἡ κατάστασις ἐξελίσσεται ὁμαλῶς καί αἱ διαπραγματεύσεις συνεχίζονται κατόπιν τῶν χθεσινῶν συνομιλιῶν μεταξύ τῶν ἐκπροσώπων τῶν ἐνδιαφερομένων κυβερνήσεων. Αἱ ἀρμόδιαι ὑπηρεσίαι ἔλαβον ὅλα τά ἀπαιτούμενα μέτρα διά τήν ἀντιμετώπισιν τῆς καταστάσεως, ἐνῷ ἀναμένονται νεώτεραι ἀνακοινώσεις ἐντός τῆς ἡμέρας.
ΤΟ ΣΥΜΒΟΥΛΙΟΝ ΑΣΦΑΛΕΙΑΣ ΗΡΧΙΣΕ ΤΗΝ ΣΥΖΗΤΗΣΙΝ ΕΠΙ ΤΗΣ ΠΡΟΣΦΥΓΗΣ ΤΟΥ ΛΙΒΑΝΟΥ ΕΝΑΝΤΙΟΝ ΤΗΣ Η.Α.Δ.
Θά συνεχίση τήν προσεχῆ Τρίτην
Ἀθῆναι, 6. — Ὑπό τοῦ Γ.Ε.Α. ἐξεδόθη ἡ ἀκόλουθος ἀνακοίνωσις. Ἐκ τῶν ἐπισήμων πληροφοριῶν προκύπτει ὅτι ἡ κατάστασις ἐξελίσσεται ὁμαλῶς καί αἱ διαπραγματεύσεις συνεχίζονται κατόπιν τῶν χθεσινῶν συνομιλιῶν μεταξύ τῶν ἐκπροσώπων τῶν ἐνδιαφερομένων κυβερνήσεων. Αἱ ἀρμόδιαι ὑπηρεσίαι ἔλαβον ὅλα τά ἀπαιτούμενα μέτρα διά τήν ἀντιμετώπισιν τῆς καταστάσεως, ἐνῷ ἀναμένονται νεώτεραι ἀνακοινώσεις ἐντός τῆς ἡμέρας.
ΣΧΟΛΙΑ ΤΗΣ «ΠΡΑΒΔΑ»
Ἀθῆναι, 6. — Ὑπό τοῦ Γ.Ε.Α. ἐξεδόθη ἡ ἀκόλουθος ἀνακοίνωσις. Ἐκ τῶν ἐπισήμων πληροφοριῶν προκύπτει ὅτι ἡ κατάστασις ἐξελίσσεται ὁμαλῶς καί αἱ διαπραγματεύσεις συνεχίζονται κατόπιν τῶν χθεσινῶν συνομιλιῶν μεταξύ τῶν ἐκπροσώπων τῶν ἐνδιαφερομένων κυβερνήσεων. Αἱ ἀρμόδιαι ὑπηρεσίαι ἔλαβον ὅλα τά ἀπαιτούμενα μέτρα διά τήν ἀντιμετώπισιν τῆς καταστάσεως, ἐνῷ ἀναμένονται νεώτεραι ἀνακοινώσεις ἐντός τῆς ἡμέρας.
ΑΠΑΝΤΑ Η Η.Α.Δ.
Ἀθῆναι, 6. — Ὑπό τοῦ Γ.Ε.Α. ἐξεδόθη ἡ ἀκόλουθος ἀνακοίνωσις. Ἐκ τῶν ἐπισήμων πληροφοριῶν προκύπτει ὅτι ἡ κατάστασις ἐξελίσσεται ὁμαλῶς καί αἱ διαπραγματεύσεις συνεχίζονται κατόπιν τῶν χθεσινῶν συνομιλιῶν μεταξύ τῶν ἐκπροσώπων τῶν ἐνδιαφερομένων κυβερνήσεων. Αἱ ἀρμόδιαι ὑπηρεσίαι ἔλαβον ὅλα τά ἀπαιτούμενα μέτρα διά τήν ἀντιμετώπισιν τῆς καταστάσεως, ἐνῷ ἀναμένονται νεώτεραι ἀνακοινώσεις ἐντός τῆς ἡμέρας.
ΤΙ ΚΑΤΑΓΓΕΛΛΕΙ Ο ΛΙΒΑΝΟΣ
Ἀθῆναι, 6. — Ὑπό τοῦ Γ.Ε.Α. ἐξεδόθη ἡ ἀκόλουθος ἀνακοίνωσις. Ἐκ τῶν ἐπισήμων πληροφοριῶν προκύπτει ὅτι ἡ κατάστασις ἐξελίσσεται ὁμαλῶς καί αἱ διαπραγματεύσεις συνεχίζονται κατόπιν τῶν χθεσινῶν συνομιλιῶν μεταξύ τῶν ἐκπροσώπων τῶν ἐνδιαφερομένων κυβερνήσεων. Αἱ ἀρμόδιαι ὑπηρεσίαι ἔλαβον ὅλα τά ἀπαιτούμενα μέτρα διά τήν ἀντιμετώπισιν τῆς καταστάσεως, ἐνῷ ἀναμένονται νεώτεραι ἀνακοινώσεις ἐντός τῆς ἡμέρας.
ΘΑ ΣΥΝΕΧΙΣΘΗ ΤΗΝ ΤΡΙΤΗΝ
Ἀθῆναι, 6. — Ὑπό τοῦ Γ.Ε.Α. ἐξεδόθη ἡ ἀκόλουθος ἀνακοίνωσις. Ἐκ τῶν ἐπισήμων πληροφοριῶν προκύπτει ὅτι ἡ κατάστασις ἐξελίσσεται ὁμαλῶς καί αἱ διαπραγματεύσεις συνεχίζονται κατόπιν τῶν χθεσινῶν συνομιλιῶν μεταξύ τῶν ἐκπροσώπων τῶν ἐνδιαφερομένων κυβερνήσεων. Αἱ ἀρμόδιαι ὑπηρεσίαι ἔλαβον ὅλα τά ἀπαιτούμενα μέτρα διά τήν ἀντιμετώπισιν τῆς καταστάσεως, ἐνῷ ἀναμένονται νεώτεραι ἀνακοινώσεις ἐντός τῆς ἡμέρας.
ΘΑ ΚΛΗΘΟΥΝ ΑΜΕΡΙΚΑΝΟΙ ΕΙΔΙΚΟΙ ΥΠΟ ΤΩΝ ΣΟΒΙΕΤΙΚΩΝ ΕΡΓΟΣΤΑΣΙΩΝ ΙΝΑ ΧΡΗΣΙΜΕΥΣΟΥΝ ΩΣ ΣΥΜΒΟΥΛΟΙ
Ἀθῆναι, 6. — Ὑπό τοῦ Γ.Ε.Α. ἐξεδόθη ἡ ἀκόλουθος ἀνακοίνωσις. Ἐκ τῶν ἐπισήμων πληροφοριῶν προκύπτει ὅτι ἡ κατάστασις ἐξελίσσεται ὁμαλῶς καί αἱ διαπραγματεύσεις συνεχίζονται κατόπιν τῶν χθεσινῶν συνομιλιῶν μεταξύ τῶν ἐκπροσώπων τῶν ἐνδιαφερομένων κυβερνήσεων. Αἱ ἀρμόδιαι ὑπηρεσίαι ἔλαβον ὅλα τά ἀπαιτούμενα μέτρα διά τήν ἀντιμετώπισιν τῆς καταστάσεως, ἐνῷ ἀναμένονται νεώτεραι ἀνακοινώσεις ἐντός τῆς ἡμέρας.
ΑΝ ΕΙΝΑΙ ΕΙΛΙΚΡΙΝΕΙΣ
Ἀθῆναι, 6. — Ὑπό τοῦ Γ.Ε.Α. ἐξεδόθη ἡ ἀκόλουθος ἀνακοίνωσις. Ἐκ τῶν ἐπισήμων πληροφοριῶν προκύπτει ὅτι ἡ κατάστασις ἐξελίσσεται ὁμαλῶς καί αἱ διαπραγματεύσεις συνεχίζονται κατόπιν τῶν χθεσινῶν συνομιλιῶν μεταξύ τῶν ἐκπροσώπων τῶν ἐνδιαφερομένων κυβερνήσεων. Αἱ ἀρμόδιαι ὑπηρεσίαι ἔλαβον ὅλα τά ἀπαιτούμενα μέτρα διά τήν ἀντιμετώπισιν τῆς καταστάσεως, ἐνῷ ἀναμένονται νεώτεραι ἀνακοινώσεις ἐντός τῆς ἡμέρας.
ΤΙ ΛΕΓΕΙ ΤΟ ΒΕΛΙΓΡΑΔΙΟΝ
Ἀθῆναι, 6. — Ὑπό τοῦ Γ.Ε.Α. ἐξεδόθη ἡ ἀκόλουθος ἀνακοίνωσις. Ἐκ τῶν ἐπισήμων πληροφοριῶν προκύπτει ὅτι ἡ κατάστασις ἐξελίσσεται ὁμαλῶς καί αἱ διαπραγματεύσεις συνεχίζονται κατόπιν τῶν χθεσινῶν συνομιλιῶν μεταξύ τῶν ἐκπροσώπων τῶν ἐνδιαφερομένων κυβερνήσεων. Αἱ ἀρμόδιαι ὑπηρεσίαι ἔλαβον ὅλα τά ἀπαιτούμενα μέτρα διά τήν ἀντιμετώπισιν τῆς καταστάσεως, ἐνῷ ἀναμένονται νεώτεραι ἀνακοινώσεις ἐντός τῆς ἡμέρας.
Ἀθῆναι, 6. — Ὑπό τοῦ Γ.Ε.Α. ἐξεδόθη ἡ ἀκόλουθος ἀνακοίνωσις. Ἐκ τῶν ἐπισήμων πληροφοριῶν προκύπτει ὅτι ἡ κατάστασις ἐξελίσσεται ὁμαλῶς καί αἱ διαπραγματεύσεις συνεχίζονται κατόπιν τῶν χθεσινῶν συνομιλιῶν μεταξύ τῶν ἐκπροσώπων τῶν ἐνδιαφερομένων κυβερνήσεων. Αἱ ἀρμόδιαι ὑπηρεσίαι ἔλαβον ὅλα τά ἀπαιτούμενα μέτρα διά τήν ἀντιμετώπισιν τῆς καταστάσεως, ἐνῷ ἀναμένονται νεώτεραι ἀνακοινώσεις ἐντός τῆς ἡμέρας.
Ο ΣΤΡΑΤΗΓΟΣ ΝΤΕ ΓΚΩΛ ΤΟΝΙΖΕΙ ΤΑΣ ΕΥΘΥΝΑΣ ΤΟΥ ΕΝΑΝΤΙ ΤΗΣ ΧΩΡΑΣ ΤΟΥ, ΤΗΣ ΙΣΤΟΡΙΑΣ, ΤΟΥ ΘΕΟΥ
ΗΜΕΡΗΣΙΑ ΔΙΑΤΑΓΗ ΠΡΟΣ ΤΟΝ ΓΑΛΛΙΚΟΝ ΣΤΡΑΤΟΝ
Ἀθῆναι, 6. — Ὑπό τοῦ Γ.Ε.Α. ἐξεδόθη ἡ ἀκόλουθος ἀνακοίνωσις. Ἐκ τῶν ἐπισήμων πληροφοριῶν προκύπτει ὅτι ἡ κατάστασις ἐξελίσσεται ὁμαλῶς καί αἱ διαπραγματεύσεις συνεχίζονται κατόπιν τῶν χθεσινῶν συνομιλιῶν μεταξύ τῶν ἐκπροσώπων τῶν ἐνδιαφερομένων κυβερνήσεων. Αἱ ἀρμόδιαι ὑπηρεσίαι ἔλαβον ὅλα τά ἀπαιτούμενα μέτρα διά τήν ἀντιμετώπισιν τῆς καταστάσεως, ἐνῷ ἀναμένονται νεώτεραι ἀνακοινώσεις ἐντός τῆς ἡμέρας.
ΤΟΡΑ
Ἀθῆναι, 6. — Ὑπό τοῦ Γ.Ε.Α. ἐξεδόθη ἡ ἀκόλουθος ἀνακοίνωσις. Ἐκ τῶν ἐπισήμων πληροφοριῶν προκύπτει ὅτι ἡ κατάστασις ἐξελίσσεται ὁμαλῶς καί αἱ διαπραγματεύσεις συνεχίζονται κατόπιν τῶν χθεσινῶν συνομιλιῶν μεταξύ τῶν ἐκπροσώπων τῶν ἐνδιαφερομένων κυβερνήσεων. Αἱ ἀρμόδιαι ὑπηρεσίαι ἔλαβον ὅλα τά ἀπαιτούμενα μέτρα διά τήν ἀντιμετώπισιν τῆς καταστάσεως, ἐνῷ ἀναμένονται νεώτεραι ἀνακοινώσεις ἐντός τῆς ἡμέρας.
ΗΜΕΡΗΣΙΑ ΔΙΑΤΑΓΗ
Ἀθῆναι, 6. — Ὑπό τοῦ Γ.Ε.Α. ἐξεδόθη ἡ ἀκόλουθος ἀνακοίνωσις. Ἐκ τῶν ἐπισήμων πληροφοριῶν προκύπτει ὅτι ἡ κατάστασις ἐξελίσσεται ὁμαλῶς καί αἱ διαπραγματεύσεις συνεχίζονται κατόπιν τῶν χθεσινῶν συνομιλιῶν μεταξύ τῶν ἐκπροσώπων τῶν ἐνδιαφερομένων κυβερνήσεων. Αἱ ἀρμόδιαι ὑπηρεσίαι ἔλαβον ὅλα τά ἀπαιτούμενα μέτρα διά τήν ἀντιμετώπισιν τῆς καταστάσεως, ἐνῷ ἀναμένονται νεώτεραι ἀνακοινώσεις ἐντός τῆς ἡμέρας.
Ο ΜΠΟΥΡΓΚΙΜΠΑ ΕΧΕΙ ΚΑΤΑ ΝΟΥΝ ΤΟ ΣΧΕΔΙΟΝ ΤΗΣ ΕΝΩΣΕΩΣ ΟΛΟΚΛΗΡΟΥ ΤΗΣ ΒΟΡ. ΑΦΡΙΚΗΣ
Ἀθῆναι, 6. — Ὑπό τοῦ Γ.Ε.Α. ἐξεδόθη ἡ ἀκόλουθος ἀνακοίνωσις. Ἐκ τῶν ἐπισήμων πληροφοριῶν προκύπτει ὅτι ἡ κατάστασις ἐξελίσσεται ὁμαλῶς καί αἱ διαπραγματεύσεις συνεχίζονται κατόπιν τῶν χθεσινῶν συνομιλιῶν μεταξύ τῶν ἐκπροσώπων τῶν ἐνδιαφερομένων κυβερνήσεων. Αἱ ἀρμόδιαι ὑπηρεσίαι ἔλαβον ὅλα τά ἀπαιτούμενα μέτρα διά τήν ἀντιμετώπισιν τῆς καταστάσεως, ἐνῷ ἀναμένονται νεώτεραι ἀνακοινώσεις ἐντός τῆς ἡμέρας.
ΚΟΙΝΗ ΠΟΛΙΤΙΚΗ
Ἀθῆναι, 6. — Ὑπό τοῦ Γ.Ε.Α. ἐξεδόθη ἡ ἀκόλουθος ἀνακοίνωσις. Ἐκ τῶν ἐπισήμων πληροφοριῶν προκύπτει ὅτι ἡ κατάστασις ἐξελίσσεται ὁμαλῶς καί αἱ διαπραγματεύσεις συνεχίζονται κατόπιν τῶν χθεσινῶν συνομιλιῶν μεταξύ τῶν ἐκπροσώπων τῶν ἐνδιαφερομένων κυβερνήσεων. Αἱ ἀρμόδιαι ὑπηρεσίαι ἔλαβον ὅλα τά ἀπαιτούμενα μέτρα διά τήν ἀντιμετώπισιν τῆς καταστάσεως, ἐνῷ ἀναμένονται νεώτεραι ἀνακοινώσεις ἐντός τῆς ἡμέρας.
ΤΑ ΜΕΤΡΑ ΤΩΝ ΑΛΓΕΡΙΝΩΝ
Ἀθῆναι, 6. — Ὑπό τοῦ Γ.Ε.Α. ἐξεδόθη ἡ ἀκόλουθος ἀνακοίνωσις. Ἐκ τῶν ἐπισήμων πληροφοριῶν προκύπτει ὅτι ἡ κατάστασις ἐξελίσσεται ὁμαλῶς καί αἱ διαπραγματεύσεις συνεχίζονται κατόπιν τῶν χθεσινῶν συνομιλιῶν μεταξύ τῶν ἐκπροσώπων τῶν ἐνδιαφερομένων κυβερνήσεων. Αἱ ἀρμόδιαι ὑπηρεσίαι ἔλαβον ὅλα τά ἀπαιτούμενα μέτρα διά τήν ἀντιμετώπισιν τῆς καταστάσεως, ἐνῷ ἀναμένονται νεώτεραι ἀνακοινώσεις ἐντός τῆς ἡμέρας.
ΔΡΑΣΙΣ ΑΝΤΑΡΤΩΝ
ΜΑΧΗ ΜΕ ΤΥΝΗΣΙΟΥΣ
Ἀθῆναι, 6. — Ὑπό τοῦ Γ.Ε.Α. ἐξεδόθη ἡ ἀκόλουθος ἀνακοίνωσις. Ἐκ τῶν ἐπισήμων πληροφοριῶν προκύπτει ὅτι ἡ κατάστασις ἐξελίσσεται ὁμαλῶς καί αἱ διαπραγματεύσεις συνεχίζονται κατόπιν τῶν χθεσινῶν συνομιλιῶν μεταξύ τῶν ἐκπροσώπων τῶν ἐνδιαφερομένων κυβερνήσεων. Αἱ ἀρμόδιαι ὑπηρεσίαι ἔλαβον ὅλα τά ἀπαιτούμενα μέτρα διά τήν ἀντιμετώπισιν τῆς καταστάσεως, ἐνῷ ἀναμένονται νεώτεραι ἀνακοινώσεις ἐντός τῆς ἡμέρας.
ΠΟΣΟΙ ΕΦΟΝΕΥΘΗΣΑΝ
ΕΙΣ ΤΟΝ Ο.Η.Ε.
Ἀθῆναι, 6. — Ὑπό τοῦ Γ.Ε.Α. ἐξεδόθη ἡ ἀκόλουθος ἀνακοίνωσις. Ἐκ τῶν ἐπισήμων πληροφοριῶν προκύπτει ὅτι ἡ κατάστασις ἐξελίσσεται ὁμαλῶς καί αἱ διαπραγματεύσεις συνεχίζονται κατόπιν τῶν χθεσινῶν συνομιλιῶν μεταξύ τῶν ἐκπροσώπων τῶν ἐνδιαφερομένων κυβερνήσεων. Αἱ ἀρμόδιαι ὑπηρεσίαι ἔλαβον ὅλα τά ἀπαιτούμενα μέτρα διά τήν ἀντιμετώπισιν τῆς καταστάσεως, ἐνῷ ἀναμένονται νεώτεραι ἀνακοινώσεις ἐντός τῆς ἡμέρας.
Ο ΑΝΤΑΠΟΚΡΙΤΗΣ ΤΗΣ «ΟΥΝΙΤΑ» ΕΦΟΝΕΥΘΗ
Ἀθῆναι, 6. — Ὑπό τοῦ Γ.Ε.Α. ἐξεδόθη ἡ ἀκόλουθος ἀνακοίνωσις. Ἐκ τῶν ἐπισήμων πληροφοριῶν προκύπτει ὅτι ἡ κατάστασις ἐξελίσσεται ὁμαλῶς καί αἱ διαπραγματεύσεις συνεχίζονται κατόπιν τῶν χθεσινῶν συνομιλιῶν μεταξύ τῶν ἐκπροσώπων τῶν ἐνδιαφερομένων κυβερνήσεων. Αἱ ἀρμόδιαι ὑπηρεσίαι ἔλαβον ὅλα τά ἀπαιτούμενα μέτρα διά τήν ἀντιμετώπισιν τῆς καταστάσεως, ἐνῷ ἀναμένονται νεώτεραι ἀνακοινώσεις ἐντός τῆς ἡμέρας.
ΕΙΣ ΤΟ ΑΓΡΙΝΙΟΝ ΕΠΙΒΑΤΙΚΟΝ ΑΕΡΟΠΛΑΝΟΝ ΣΥΝΕΚΡΟΥΣΘΗ ΜΕ ΕΝΑ ΤΑΞΙ!
ΕΥΤΥΧΩΣ ΟΜΩΣ ΑΝΕΥ ΑΠΕΥΚΤΑΙΟΥ
Ἀθῆναι, 6. — Ὑπό τοῦ Γ.Ε.Α. ἐξεδόθη ἡ ἀκόλουθος ἀνακοίνωσις. Ἐκ τῶν ἐπισήμων πληροφοριῶν προκύπτει ὅτι ἡ κατάστασις ἐξελίσσεται ὁμαλῶς καί αἱ διαπραγματεύσεις συνεχίζονται κατόπιν τῶν χθεσινῶν συνομιλιῶν μεταξύ τῶν ἐκπροσώπων τῶν ἐνδιαφερομένων κυβερνήσεων. Αἱ ἀρμόδιαι ὑπηρεσίαι ἔλαβον ὅλα τά ἀπαιτούμενα μέτρα διά τήν ἀντιμετώπισιν τῆς καταστάσεως, ἐνῷ ἀναμένονται νεώτεραι ἀνακοινώσεις ἐντός τῆς ἡμέρας.
ΜΗΧΑΝΗΜΑ ΚΟΒΑΛΤΙΟΥ ΕΔΩΡΗΣΕΝ Η ΑΜΕΡΙΚΗ ΕΙΣ ΤΟ ΠΑΝΕΠΙΣΤΗΜΙΟΝ ΤΗΣ ΤΑ·Υ·ΒΑΝ
Ἀθῆναι, 6. — Ὑπό τοῦ Γ.Ε.Α. ἐξεδόθη ἡ ἀκόλουθος ἀνακοίνωσις. Ἐκ τῶν ἐπισήμων πληροφοριῶν προκύπτει ὅτι ἡ κατάστασις ἐξελίσσεται ὁμαλῶς καί αἱ διαπραγματεύσεις συνεχίζονται κατόπιν τῶν χθεσινῶν συνομιλιῶν μεταξύ τῶν ἐκπροσώπων τῶν ἐνδιαφερομένων κυβερνήσεων. Αἱ ἀρμόδιαι ὑπηρεσίαι ἔλαβον ὅλα τά ἀπαιτούμενα μέτρα διά τήν ἀντιμετώπισιν τῆς καταστάσεως, ἐνῷ ἀναμένονται νεώτεραι ἀνακοινώσεις ἐντός τῆς ἡμέρας.
Ἀθῆναι, 6. — Ὑπό τοῦ Γ.Ε.Α. ἐξεδόθη ἡ ἀκόλουθος ἀνακοίνωσις. Ἐκ τῶν ἐπισήμων πληροφοριῶν προκύπτει ὅτι ἡ κατάστασις ἐξελίσσεται ὁμαλῶς καί αἱ διαπραγματεύσεις συνεχίζονται κατόπιν τῶν χθεσινῶν συνομιλιῶν μεταξύ τῶν ἐκπροσώπων τῶν ἐνδιαφερομένων κυβερνήσεων. Αἱ ἀρμόδιαι ὑπηρεσίαι ἔλαβον ὅλα τά ἀπαιτούμενα μέτρα διά τήν ἀντιμετώπισιν τῆς καταστάσεως, ἐνῷ ἀναμένονται νεώτεραι ἀνακοινώσεις ἐντός τῆς ἡμέρας.
ΟΙ ΡΩΣΟΙ ΔΙΑΦΘΟΡΟΥΝ ΑΠΟΤΕΛΕΣΜΑΤΙΚΑ ΑΝΤΙΒΙΟΤΙΚΑ ΚΑΤΑ ΤΟΥ ΚΑΡΚΙΝΟΥ
Ἀθῆναι, 6. — Ὑπό τοῦ Γ.Ε.Α. ἐξεδόθη ἡ ἀκόλουθος ἀνακοίνωσις. Ἐκ τῶν ἐπισήμων πληροφοριῶν προκύπτει ὅτι ἡ κατάστασις ἐξελίσσεται ὁμαλῶς καί αἱ διαπραγματεύσεις συνεχίζονται κατόπιν τῶν χθεσινῶν συνομιλιῶν μεταξύ τῶν ἐκπροσώπων τῶν ἐνδιαφερομένων κυβερνήσεων. Αἱ ἀρμόδιαι ὑπηρεσίαι ἔλαβον ὅλα τά ἀπαιτούμενα μέτρα διά τήν ἀντιμετώπισιν τῆς καταστάσεως, ἐνῷ ἀναμένονται νεώτεραι ἀνακοινώσεις ἐντός τῆς ἡμέρας.
Ἀθῆναι, 6. — Ὑπό τοῦ Γ.Ε.Α. ἐξεδόθη ἡ ἀκόλουθος ἀνακοίνωσις. Ἐκ τῶν ἐπισήμων πληροφοριῶν προκύπτει ὅτι ἡ κατάστασις ἐξελίσσεται ὁμαλῶς καί αἱ διαπραγματεύσεις συνεχίζονται κατόπιν τῶν χθεσινῶν συνομιλιῶν μεταξύ τῶν ἐκπροσώπων τῶν ἐνδιαφερομένων κυβερνήσεων. Αἱ ἀρμόδιαι ὑπηρεσίαι ἔλαβον ὅλα τά ἀπαιτούμενα μέτρα διά τήν ἀντιμετώπισιν τῆς καταστάσεως, ἐνῷ ἀναμένονται νεώτεραι ἀνακοινώσεις ἐντός τῆς ἡμέρας.
Η ΑΜΕΡΙΚΗ ΔΙΔΕΙ ΒΛΗΜΑΤΑ ΕΙΣ ΤΗΝ ΑΙΓΥΠΤΟΝ
Ἀθῆναι, 6. — Ὑπό τοῦ Γ.Ε.Α. ἐξεδόθη ἡ ἀκόλουθος ἀνακοίνωσις. Ἐκ τῶν ἐπισήμων πληροφοριῶν προκύπτει ὅτι ἡ κατάστασις ἐξελίσσεται ὁμαλῶς καί αἱ διαπραγματεύσεις συνεχίζονται κατόπιν τῶν χθεσινῶν συνομιλιῶν μεταξύ τῶν ἐκπροσώπων τῶν ἐνδιαφερομένων κυβερνήσεων. Αἱ ἀρμόδιαι ὑπηρεσίαι ἔλαβον ὅλα τά ἀπαιτούμενα μέτρα διά τήν ἀντιμετώπισιν τῆς καταστάσεως, ἐνῷ ἀναμένονται νεώτεραι ἀνακοινώσεις ἐντός τῆς ἡμέρας.
ΜΗΧΑΝΑΙ ΣΥΛΛΟΓΗΣ ΑΝΟΙΚΤΩΝ ΚΑΙ ΚΛΕΙΣΤΩΝ ΚΑΨΩΝ ΒΑΜΒΑΚΟΣ
Ἀθῆναι, 6. — Ὑπό τοῦ Γ.Ε.Α. ἐξεδόθη ἡ ἀκόλουθος ἀνακοίνωσις. Ἐκ τῶν ἐπισήμων πληροφοριῶν προκύπτει ὅτι ἡ κατάστασις ἐξελίσσεται ὁμαλῶς καί αἱ διαπραγματεύσεις συνεχίζονται κατόπιν τῶν χθεσινῶν συνομιλιῶν μεταξύ τῶν ἐκπροσώπων τῶν ἐνδιαφερομένων κυβερνήσεων. Αἱ ἀρμόδιαι ὑπηρεσίαι ἔλαβον ὅλα τά ἀπαιτούμενα μέτρα διά τήν ἀντιμετώπισιν τῆς καταστάσεως, ἐνῷ ἀναμένονται νεώτεραι ἀνακοινώσεις ἐντός τῆς ἡμέρας.
Η ΓΑΛΛΙΑ ΘΑ ΣΥΝΑΨΗ ΔΑΝΕΙΟΝ ΕΙΣ ΧΡΥΣΟΝ ΤΗ ΞΕΝΩΝ ΣΥΝΑΛΛΑΓΜΑ
Ἀθῆναι, 6. — Ὑπό τοῦ Γ.Ε.Α. ἐξεδόθη ἡ ἀκόλουθος ἀνακοίνωσις. Ἐκ τῶν ἐπισήμων πληροφοριῶν προκύπτει ὅτι ἡ κατάστασις ἐξελίσσεται ὁμαλῶς καί αἱ διαπραγματεύσεις συνεχίζονται κατόπιν τῶν χθεσινῶν συνομιλιῶν μεταξύ τῶν ἐκπροσώπων τῶν ἐνδιαφερομένων κυβερνήσεων. Αἱ ἀρμόδιαι ὑπηρεσίαι ἔλαβον ὅλα τά ἀπαιτούμενα μέτρα διά τήν ἀντιμετώπισιν τῆς καταστάσεως, ἐνῷ ἀναμένονται νεώτεραι ἀνακοινώσεις ἐντός τῆς ἡμέρας.
ΕΞΗΚΟΝΤΑ ΔΙΕΘΝΗ ΜΑΤΣ ΘΑ ΔΩΣΟΥΝ ΑΙ ΡΩΣΙΚΑΙ ΟΜΑΔΕΣ
Ἀθῆναι, 6. — Ὑπό τοῦ Γ.Ε.Α. ἐξεδόθη ἡ ἀκόλουθος ἀνακοίνωσις. Ἐκ τῶν ἐπισήμων πληροφοριῶν προκύπτει ὅτι ἡ κατάστασις ἐξελίσσεται ὁμαλῶς καί αἱ διαπραγματεύσεις συνεχίζονται κατόπιν τῶν χθεσινῶν συνομιλιῶν μεταξύ τῶν ἐκπροσώπων τῶν ἐνδιαφερομένων κυβερνήσεων. Αἱ ἀρμόδιαι ὑπηρεσίαι ἔλαβον ὅλα τά ἀπαιτούμενα μέτρα διά τήν ἀντιμετώπισιν τῆς καταστάσεως, ἐνῷ ἀναμένονται νεώτεραι ἀνακοινώσεις ἐντός τῆς ἡμέρας.
Ο ΟΥ·Ι·ΝΣΤΩΝ ΤΣΩΡΤΣΙΛ ΑΠΕΣΤΕΙΛΕΝ ΕΠΙΣΤΟΛΗΝ ΠΡΟΣ ΤΟΝ ΝΤΕ ΓΚΩΛ
Ἀθῆναι, 6. — Ὑπό τοῦ Γ.Ε.Α. ἐξεδόθη ἡ ἀκόλουθος ἀνακοίνωσις. Ἐκ τῶν ἐπισήμων πληροφοριῶν προκύπτει ὅτι ἡ κατάστασις ἐξελίσσεται ὁμαλῶς καί αἱ διαπραγματεύσεις συνεχίζονται κατόπιν τῶν χθεσινῶν συνομιλιῶν μεταξύ τῶν ἐκπροσώπων τῶν ἐνδιαφερομένων κυβερνήσεων. Αἱ ἀρμόδιαι ὑπηρεσίαι ἔλαβον ὅλα τά ἀπαιτούμενα μέτρα διά τήν ἀντιμετώπισιν τῆς καταστάσεως, ἐνῷ ἀναμένονται νεώτεραι ἀνακοινώσεις ἐντός τῆς ἡμέρας.
ΔΕΝ ΠΕΡΙΚΟΠΤΕΤΑΙ ΤΟ ΖΗΤΗΘΕΝ ΠΟΣΟΝ ΥΠΟ ΤΟΥ Α·Ι·ΖΕΝΧΑΟΥΕΡ
Ἀθῆναι, 6. — Ὑπό τοῦ Γ.Ε.Α. ἐξεδόθη ἡ ἀκόλουθος ἀνακοίνωσις. Ἐκ τῶν ἐπισήμων πληροφοριῶν προκύπτει ὅτι ἡ κατάστασις ἐξελίσσεται ὁμαλῶς καί αἱ διαπραγματεύσεις συνεχίζονται κατόπιν τῶν χθεσινῶν συνομιλιῶν μεταξύ τῶν ἐκπροσώπων τῶν ἐνδιαφερομένων κυβερνήσεων. Αἱ ἀρμόδιαι ὑπηρεσίαι ἔλαβον ὅλα τά ἀπαιτούμενα μέτρα διά τήν ἀντιμετώπισιν τῆς καταστάσεως, ἐνῷ ἀναμένονται νεώτεραι ἀνακοινώσεις ἐντός τῆς ἡμέρας.
ΑΙ ΕΞΕΤΑΣΕΙΣ ΤΗΣ ΣΧΟΛΗΣ ΕΘΝΙΚΩΝ ΣΠΟΥΔΩΝ
Ἀθῆναι, 6. — Ὑπό τοῦ Γ.Ε.Α. ἐξεδόθη ἡ ἀκόλουθος ἀνακοίνωσις. Ἐκ τῶν ἐπισήμων πληροφοριῶν προκύπτει ὅτι ἡ κατάστασις ἐξελίσσεται ὁμαλῶς καί αἱ διαπραγματεύσεις συνεχίζονται κατόπιν τῶν χθεσινῶν συνομιλιῶν μεταξύ τῶν ἐκπροσώπων τῶν ἐνδιαφερομένων κυβερνήσεων. Αἱ ἀρμόδιαι ὑπηρεσίαι ἔλαβον ὅλα τά ἀπαιτούμενα μέτρα διά τήν ἀντιμετώπισιν τῆς καταστάσεως, ἐνῷ ἀναμένονται νεώτεραι ἀνακοινώσεις ἐντός τῆς ἡμέρας.
